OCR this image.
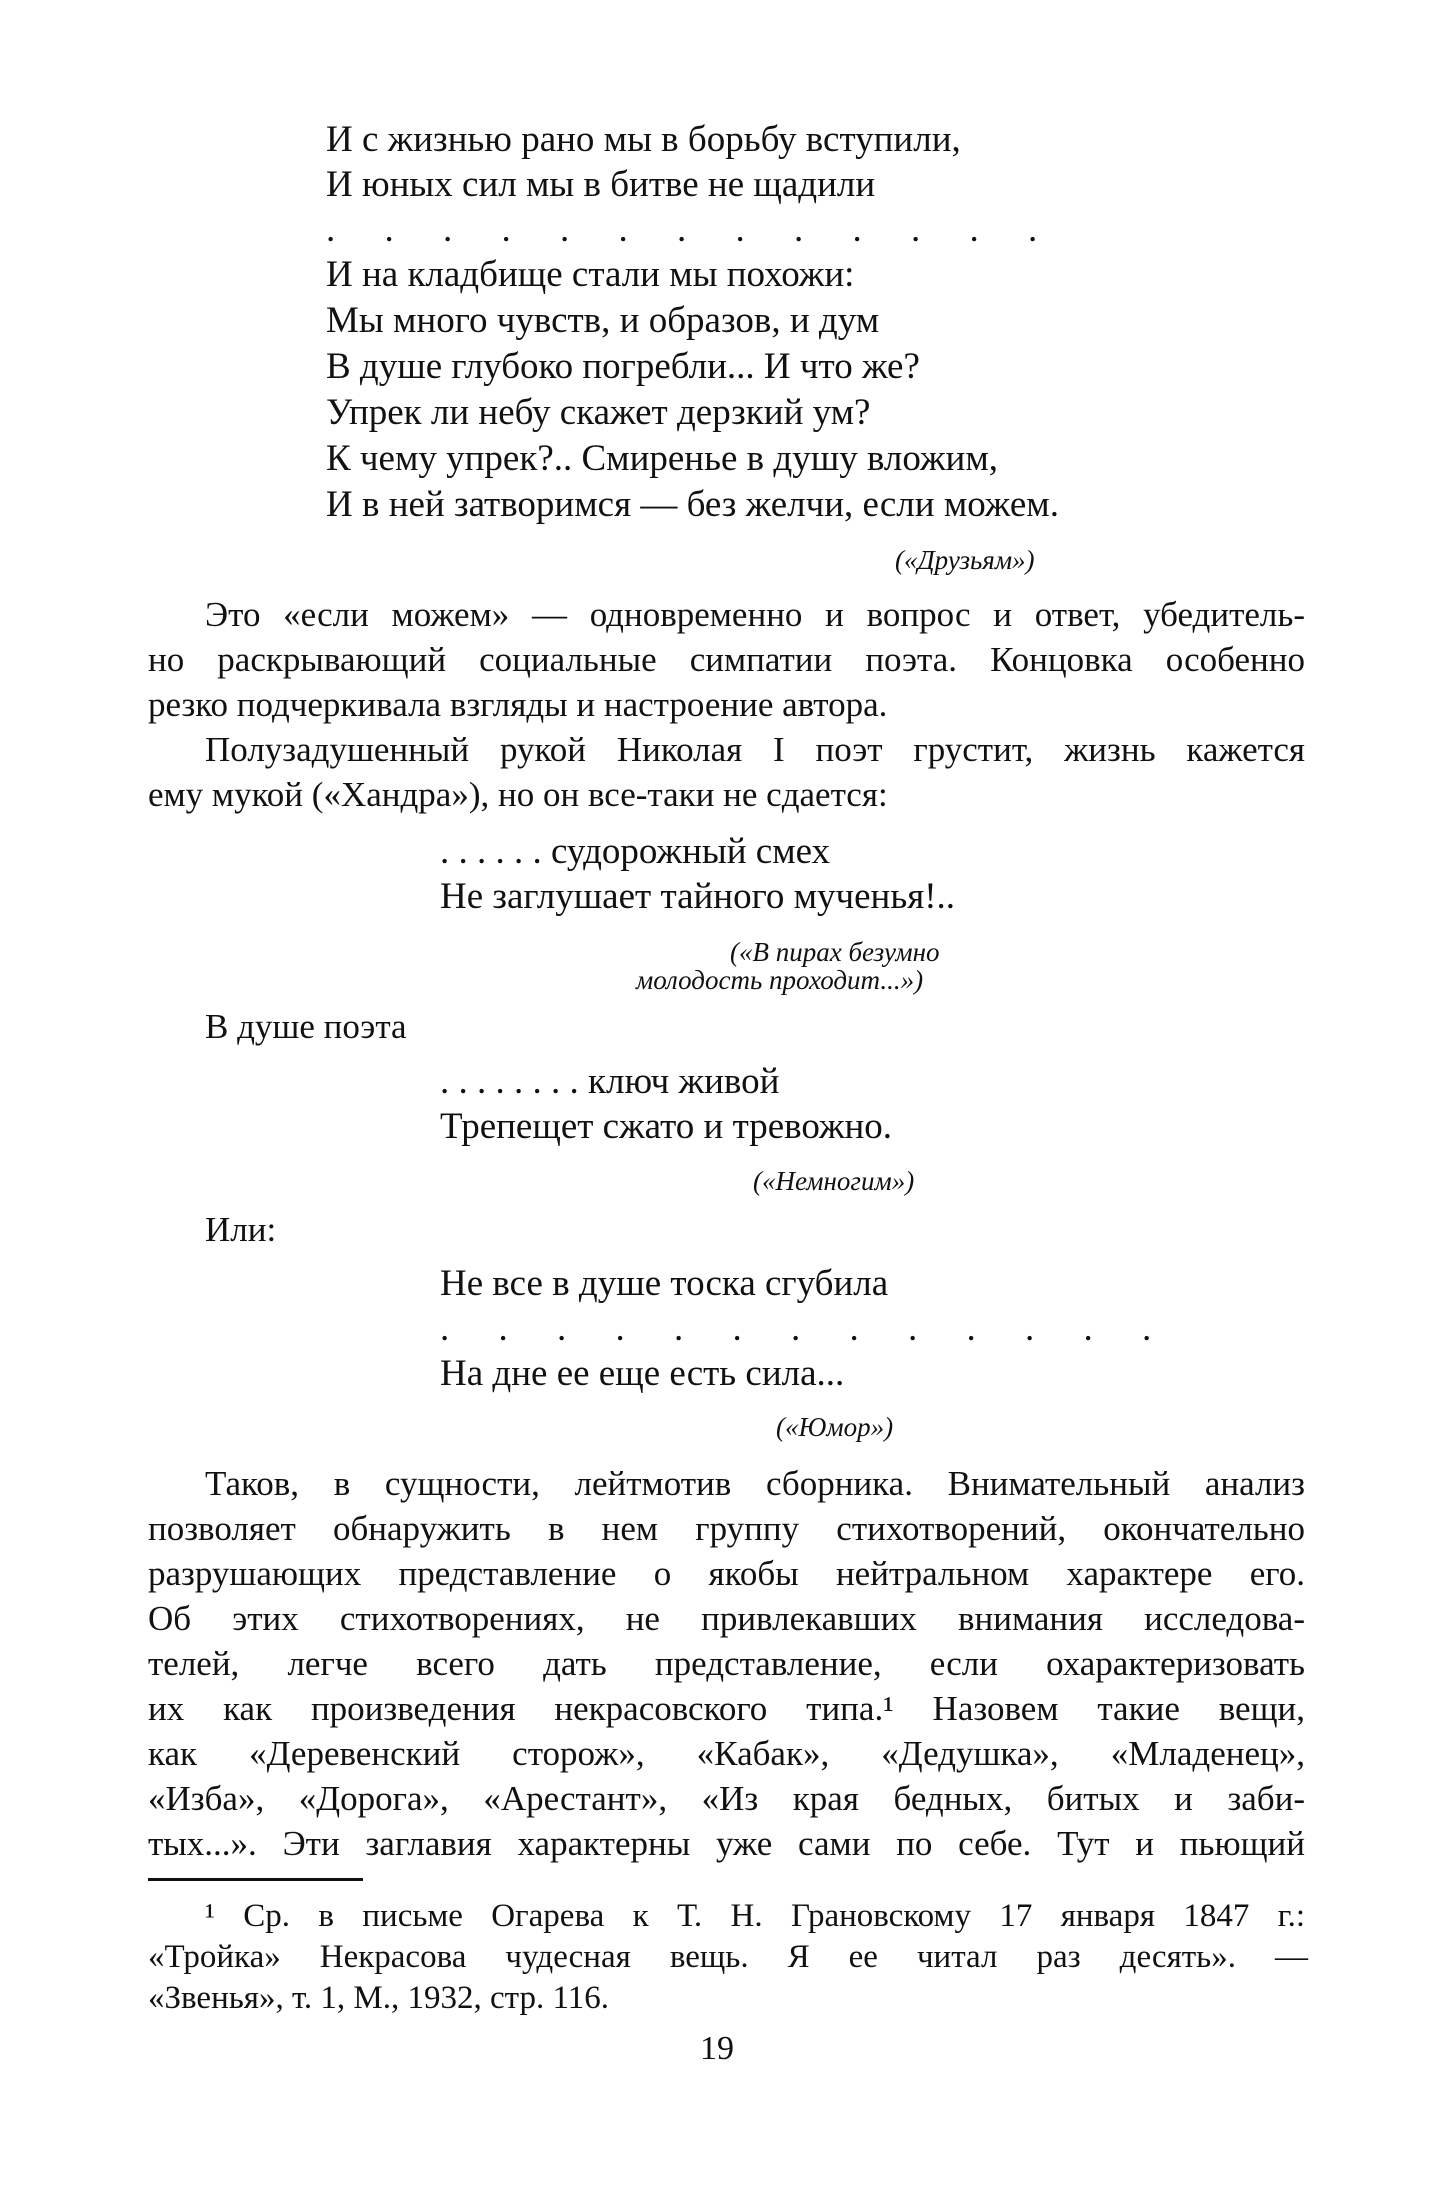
И с жизнью рано мы в борьбу вступили,
И юных сил мы в битве не щадили
. . . . . . . . . . . . .
И на кладбище стали мы похожи:
Мы много чувств, и образов, и дум
В душе глубоко погребли... И что же?
Упрек ли небу скажет дерзкий ум?
К чему упрек?.. Смиренье в душу вложим,
И в ней затворимся — без желчи, если можем.
(«Друзьям»)
Это «если можем» — одновременно и вопрос и ответ, убедитель-
но раскрывающий социальные симпатии поэта. Концовка особенно
резко подчеркивала взгляды и настроение автора.
Полузадушенный рукой Николая I поэт грустит, жизнь кажется
ему мукой («Хандра»), но он все-таки не сдается:
. . . . . . судорожный смех
Не заглушает тайного мученья!..
(«В пирах безумно
молодость проходит...»)
В душе поэта
. . . . . . . . ключ живой
Трепещет сжато и тревожно.
(«Немногим»)
Или:
Не все в душе тоска сгубила
. . . . . . . . . . . . .
На дне ее еще есть сила...
(«Юмор»)
Таков, в сущности, лейтмотив сборника. Внимательный анализ
позволяет обнаружить в нем группу стихотворений, окончательно
разрушающих представление о якобы нейтральном характере его.
Об этих стихотворениях, не привлекавших внимания исследова-
телей, легче всего дать представление, если охарактеризовать
их как произведения некрасовского типа.¹ Назовем такие вещи,
как «Деревенский сторож», «Кабак», «Дедушка», «Младенец»,
«Изба», «Дорога», «Арестант», «Из края бедных, битых и заби-
тых...». Эти заглавия характерны уже сами по себе. Тут и пьющий
¹ Ср. в письме Огарева к Т. Н. Грановскому 17 января 1847 г.:
«Тройка» Некрасова чудесная вещь. Я ее читал раз десять». —
«Звенья», т. 1, М., 1932, стр. 116.
19
